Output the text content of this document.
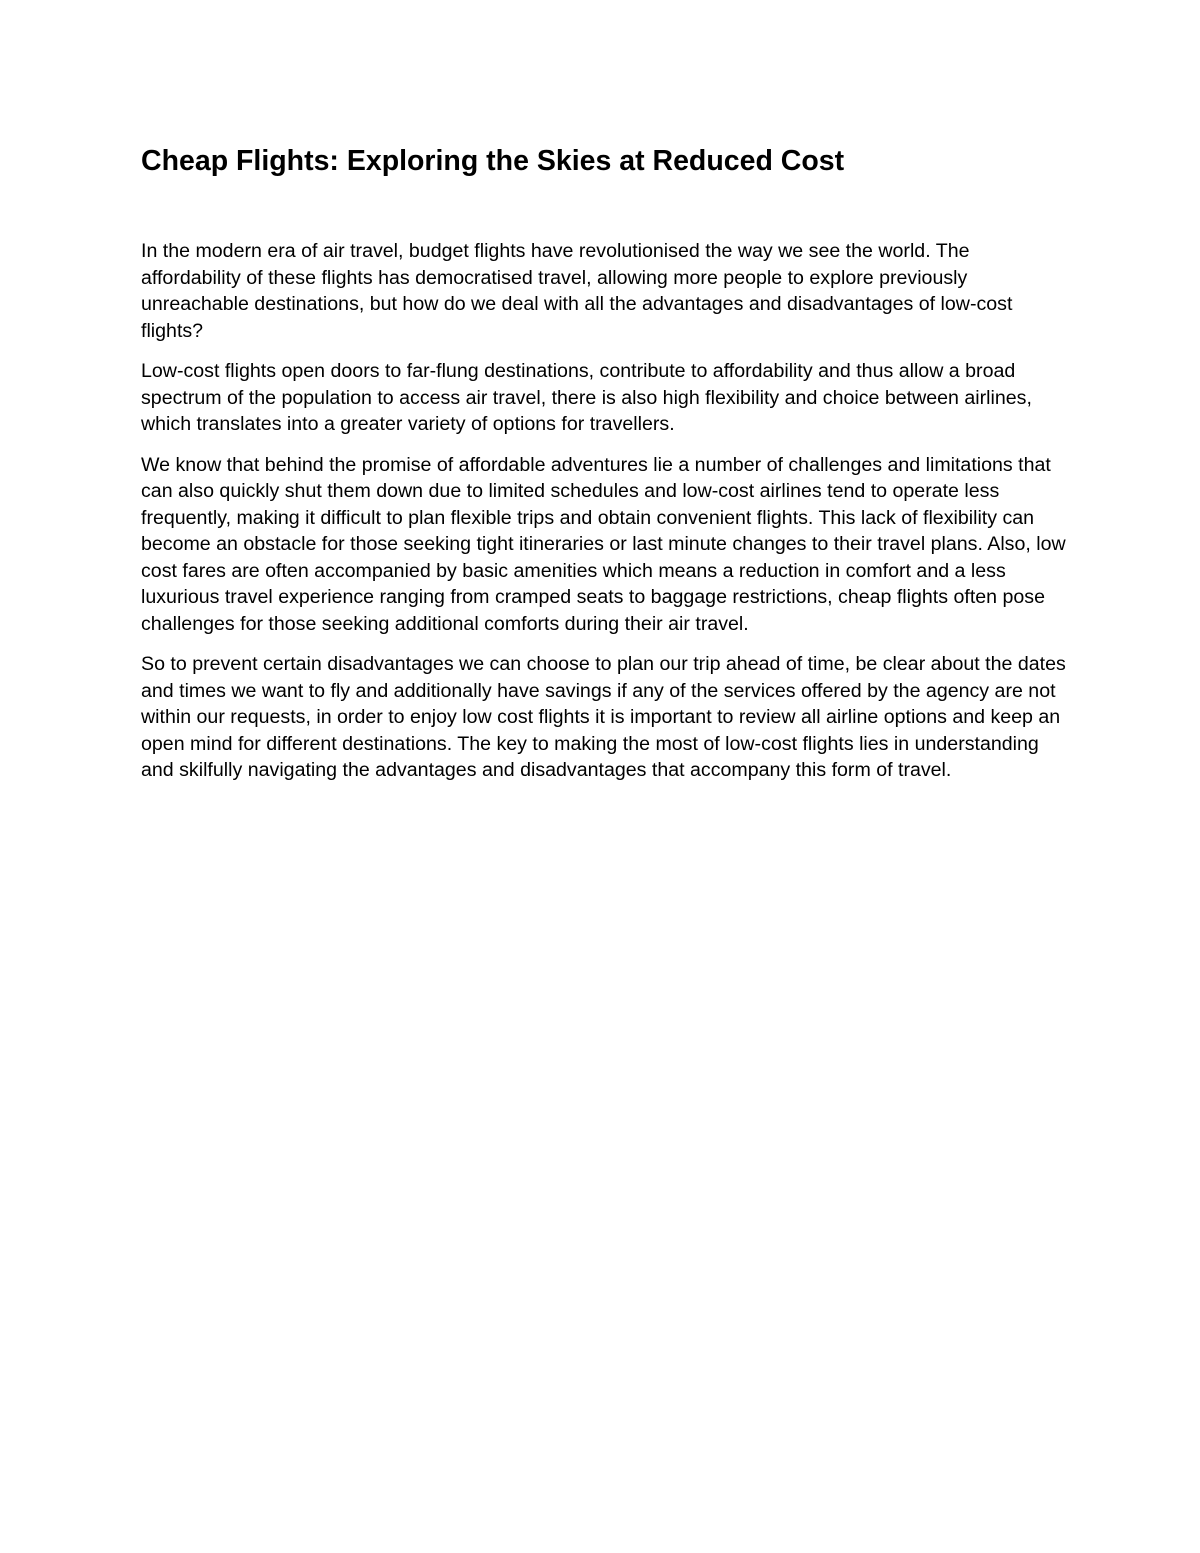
Cheap Flights: Exploring the Skies at Reduced Cost

In the modern era of air travel, budget flights have revolutionised the way we see the world. The affordability of these flights has democratised travel, allowing more people to explore previously unreachable destinations, but how do we deal with all the advantages and disadvantages of low-cost flights?

Low-cost flights open doors to far-flung destinations, contribute to affordability and thus allow a broad spectrum of the population to access air travel, there is also high flexibility and choice between airlines, which translates into a greater variety of options for travellers.

We know that behind the promise of affordable adventures lie a number of challenges and limitations that can also quickly shut them down due to limited schedules and low-cost airlines tend to operate less frequently, making it difficult to plan flexible trips and obtain convenient flights. This lack of flexibility can become an obstacle for those seeking tight itineraries or last minute changes to their travel plans. Also, low cost fares are often accompanied by basic amenities which means a reduction in comfort and a less luxurious travel experience ranging from cramped seats to baggage restrictions, cheap flights often pose challenges for those seeking additional comforts during their air travel.

So to prevent certain disadvantages we can choose to plan our trip ahead of time, be clear about the dates and times we want to fly and additionally have savings if any of the services offered by the agency are not within our requests, in order to enjoy low cost flights it is important to review all airline options and keep an open mind for different destinations. The key to making the most of low-cost flights lies in understanding and skilfully navigating the advantages and disadvantages that accompany this form of travel.
